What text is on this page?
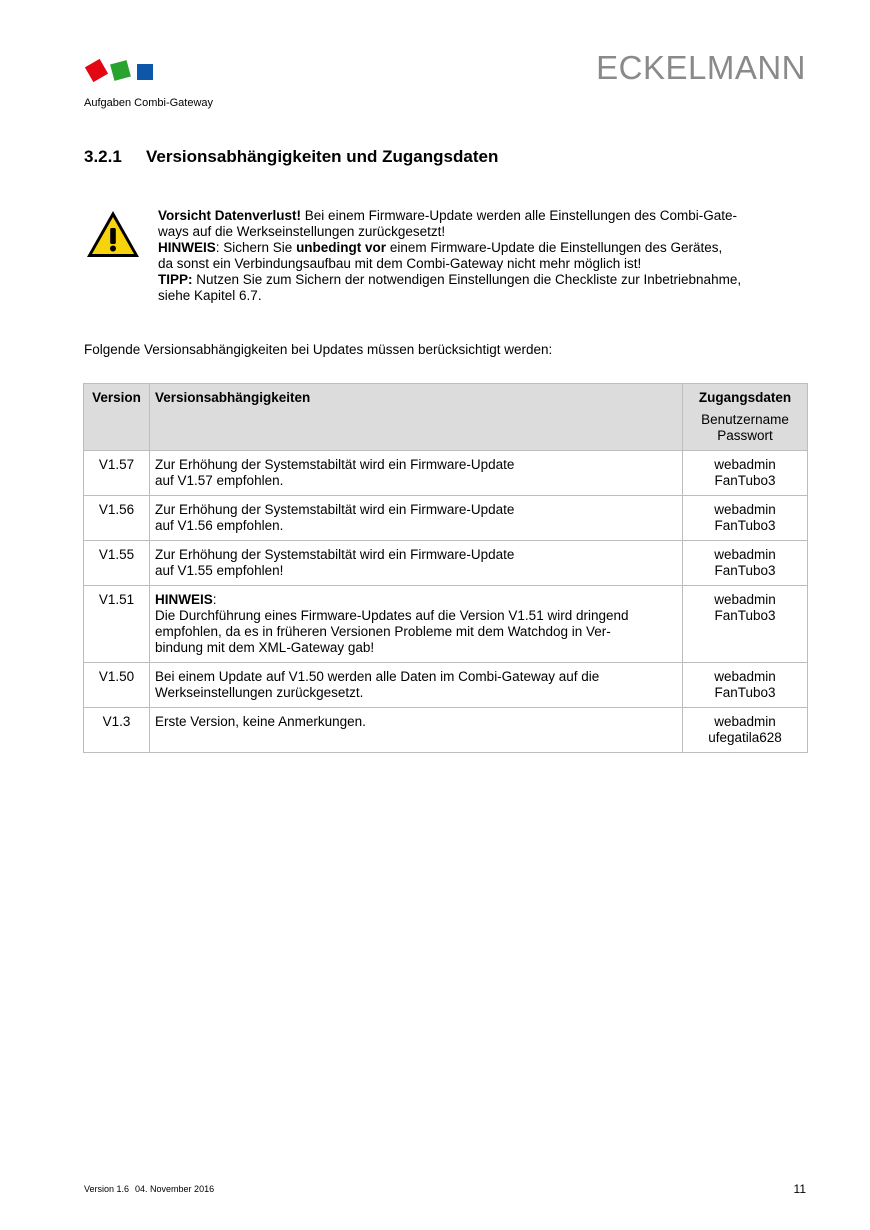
ECKELMANN
Aufgaben Combi-Gateway
3.2.1 Versionsabhängigkeiten und Zugangsdaten

Vorsicht Datenverlust! Bei einem Firmware-Update werden alle Einstellungen des Combi-Gate-

ways auf die Werkseinstellungen zurückgesetzt!

HINWEIS: Sichern Sie unbedingt vor einem Firmware-Update die Einstellungen des Gerätes,

da sonst ein Verbindungsaufbau mit dem Combi-Gateway nicht mehr möglich ist!

TIPP: Nutzen Sie zum Sichern der notwendigen Einstellungen die Checkliste zur Inbetriebnahme,

siehe Kapitel 6.7.

Folgende Versionsabhängigkeiten bei Updates müssen berücksichtigt werden:
Version	Versionsabhängigkeiten	Zugangsdaten
Benutzername
Passwort

V1.57	Zur Erhöhung der Systemstabiltät wird ein Firmware-Update
auf V1.57 empfohlen.	webadmin
FanTubo3

V1.56	Zur Erhöhung der Systemstabiltät wird ein Firmware-Update
auf V1.56 empfohlen.	webadmin
FanTubo3

V1.55	Zur Erhöhung der Systemstabiltät wird ein Firmware-Update
auf V1.55 empfohlen!	webadmin
FanTubo3

V1.51	HINWEIS:
Die Durchführung eines Firmware-Updates auf die Version V1.51 wird dringend
empfohlen, da es in früheren Versionen Probleme mit dem Watchdog in Ver-
bindung mit dem XML-Gateway gab!	webadmin
FanTubo3

V1.50	Bei einem Update auf V1.50 werden alle Daten im Combi-Gateway auf die
Werkseinstellungen zurückgesetzt.	webadmin
FanTubo3

V1.3	Erste Version, keine Anmerkungen.	webadmin
ufegatila628
Version 1.6 04. November 2016	11
